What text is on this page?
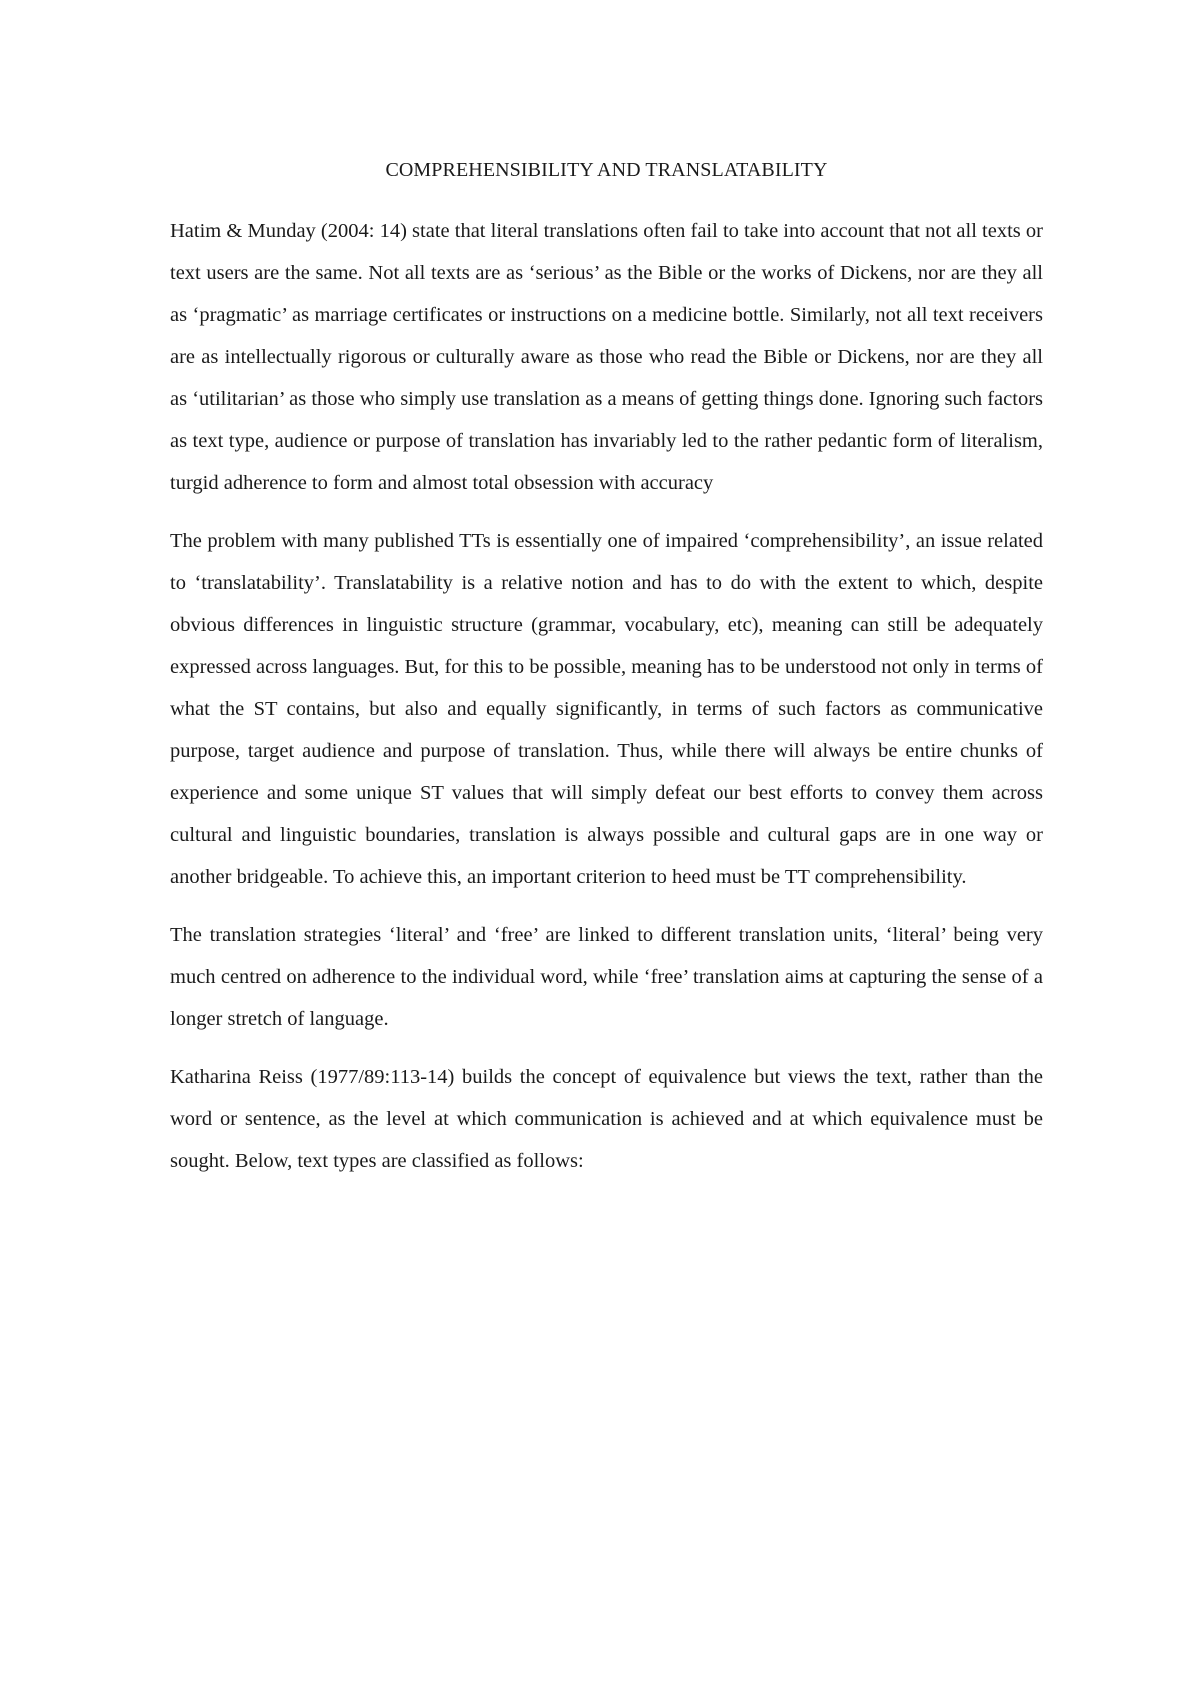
COMPREHENSIBILITY AND TRANSLATABILITY

Hatim & Munday (2004: 14) state that literal translations often fail to take into account that not all texts or text users are the same. Not all texts are as ‘serious’ as the Bible or the works of Dickens, nor are they all as ‘pragmatic’ as marriage certificates or instructions on a medicine bottle. Similarly, not all text receivers are as intellectually rigorous or culturally aware as those who read the Bible or Dickens, nor are they all as ‘utilitarian’ as those who simply use translation as a means of getting things done. Ignoring such factors as text type, audience or purpose of translation has invariably led to the rather pedantic form of literalism, turgid adherence to form and almost total obsession with accuracy

The problem with many published TTs is essentially one of impaired ‘comprehensibility’, an issue related to ‘translatability’. Translatability is a relative notion and has to do with the extent to which, despite obvious differences in linguistic structure (grammar, vocabulary, etc), meaning can still be adequately expressed across languages. But, for this to be possible, meaning has to be understood not only in terms of what the ST contains, but also and equally significantly, in terms of such factors as communicative purpose, target audience and purpose of translation. Thus, while there will always be entire chunks of experience and some unique ST values that will simply defeat our best efforts to convey them across cultural and linguistic boundaries, translation is always possible and cultural gaps are in one way or another bridgeable. To achieve this, an important criterion to heed must be TT comprehensibility.

The translation strategies ‘literal’ and ‘free’ are linked to different translation units, ‘literal’ being very much centred on adherence to the individual word, while ‘free’ translation aims at capturing the sense of a longer stretch of language.

Katharina Reiss (1977/89:113-14) builds the concept of equivalence but views the text, rather than the word or sentence, as the level at which communication is achieved and at which equivalence must be sought. Below, text types are classified as follows:
